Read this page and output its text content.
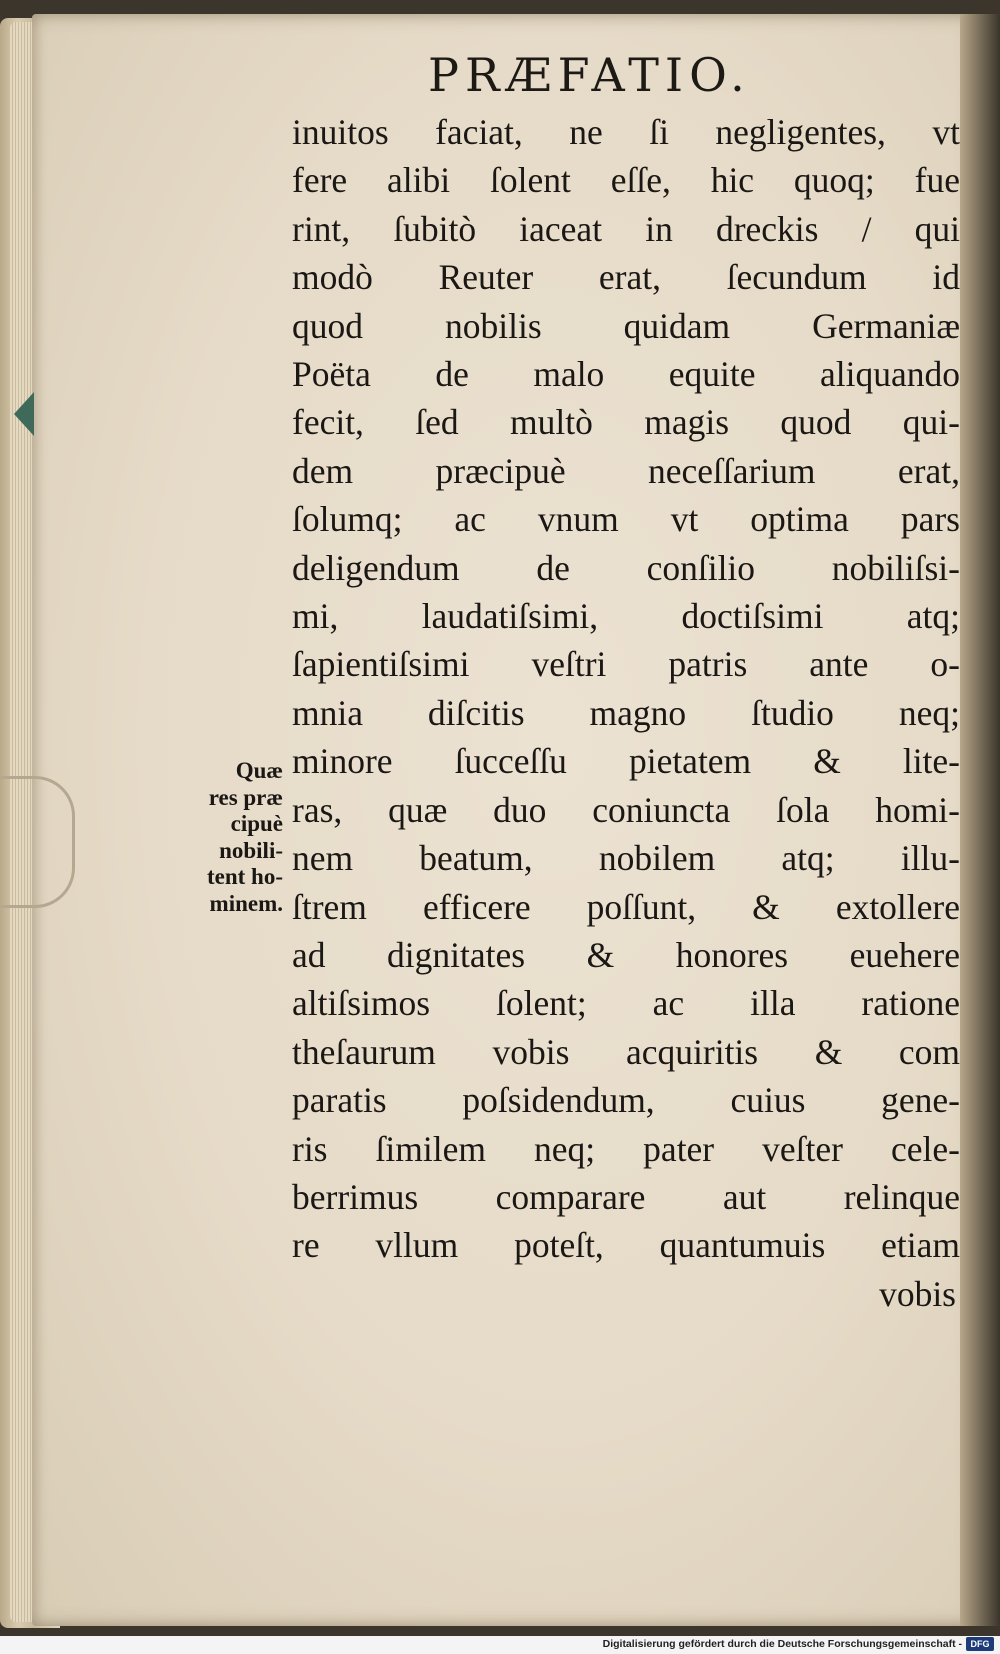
PRÆFATIO.
inuitos faciat, ne ſi negligentes, vt
fere alibi ſolent eſſe, hic quoq; fue
rint, ſubitò iaceat in dreckis / qui
modò Reuter erat, ſecundum id
quod nobilis quidam Germaniæ
Poëta de malo equite aliquando
fecit, ſed multò magis quod qui-
dem præcipuè neceſſarium erat,
ſolumq; ac vnum vt optima pars
deligendum de conſilio nobiliſsi-
mi, laudatiſsimi, doctiſsimi atq;
ſapientiſsimi veſtri patris ante o-
mnia diſcitis magno ſtudio neq;
minore ſucceſſu pietatem & lite-
ras, quæ duo coniuncta ſola homi-
nem beatum, nobilem atq; illu-
ſtrem efficere poſſunt, & extollere
ad dignitates & honores euehere
altiſsimos ſolent; ac illa ratione
theſaurum vobis acquiritis & com
paratis poſsidendum, cuius gene-
ris ſimilem neq; pater veſter cele-
berrimus comparare aut relinque
re vllum poteſt, quantumuis etiam
vobis
Quæ
res præ
cipuè
nobili-
tent ho-
minem.
Digitalisierung gefördert durch die Deutsche Forschungsgemeinschaft - DFG
